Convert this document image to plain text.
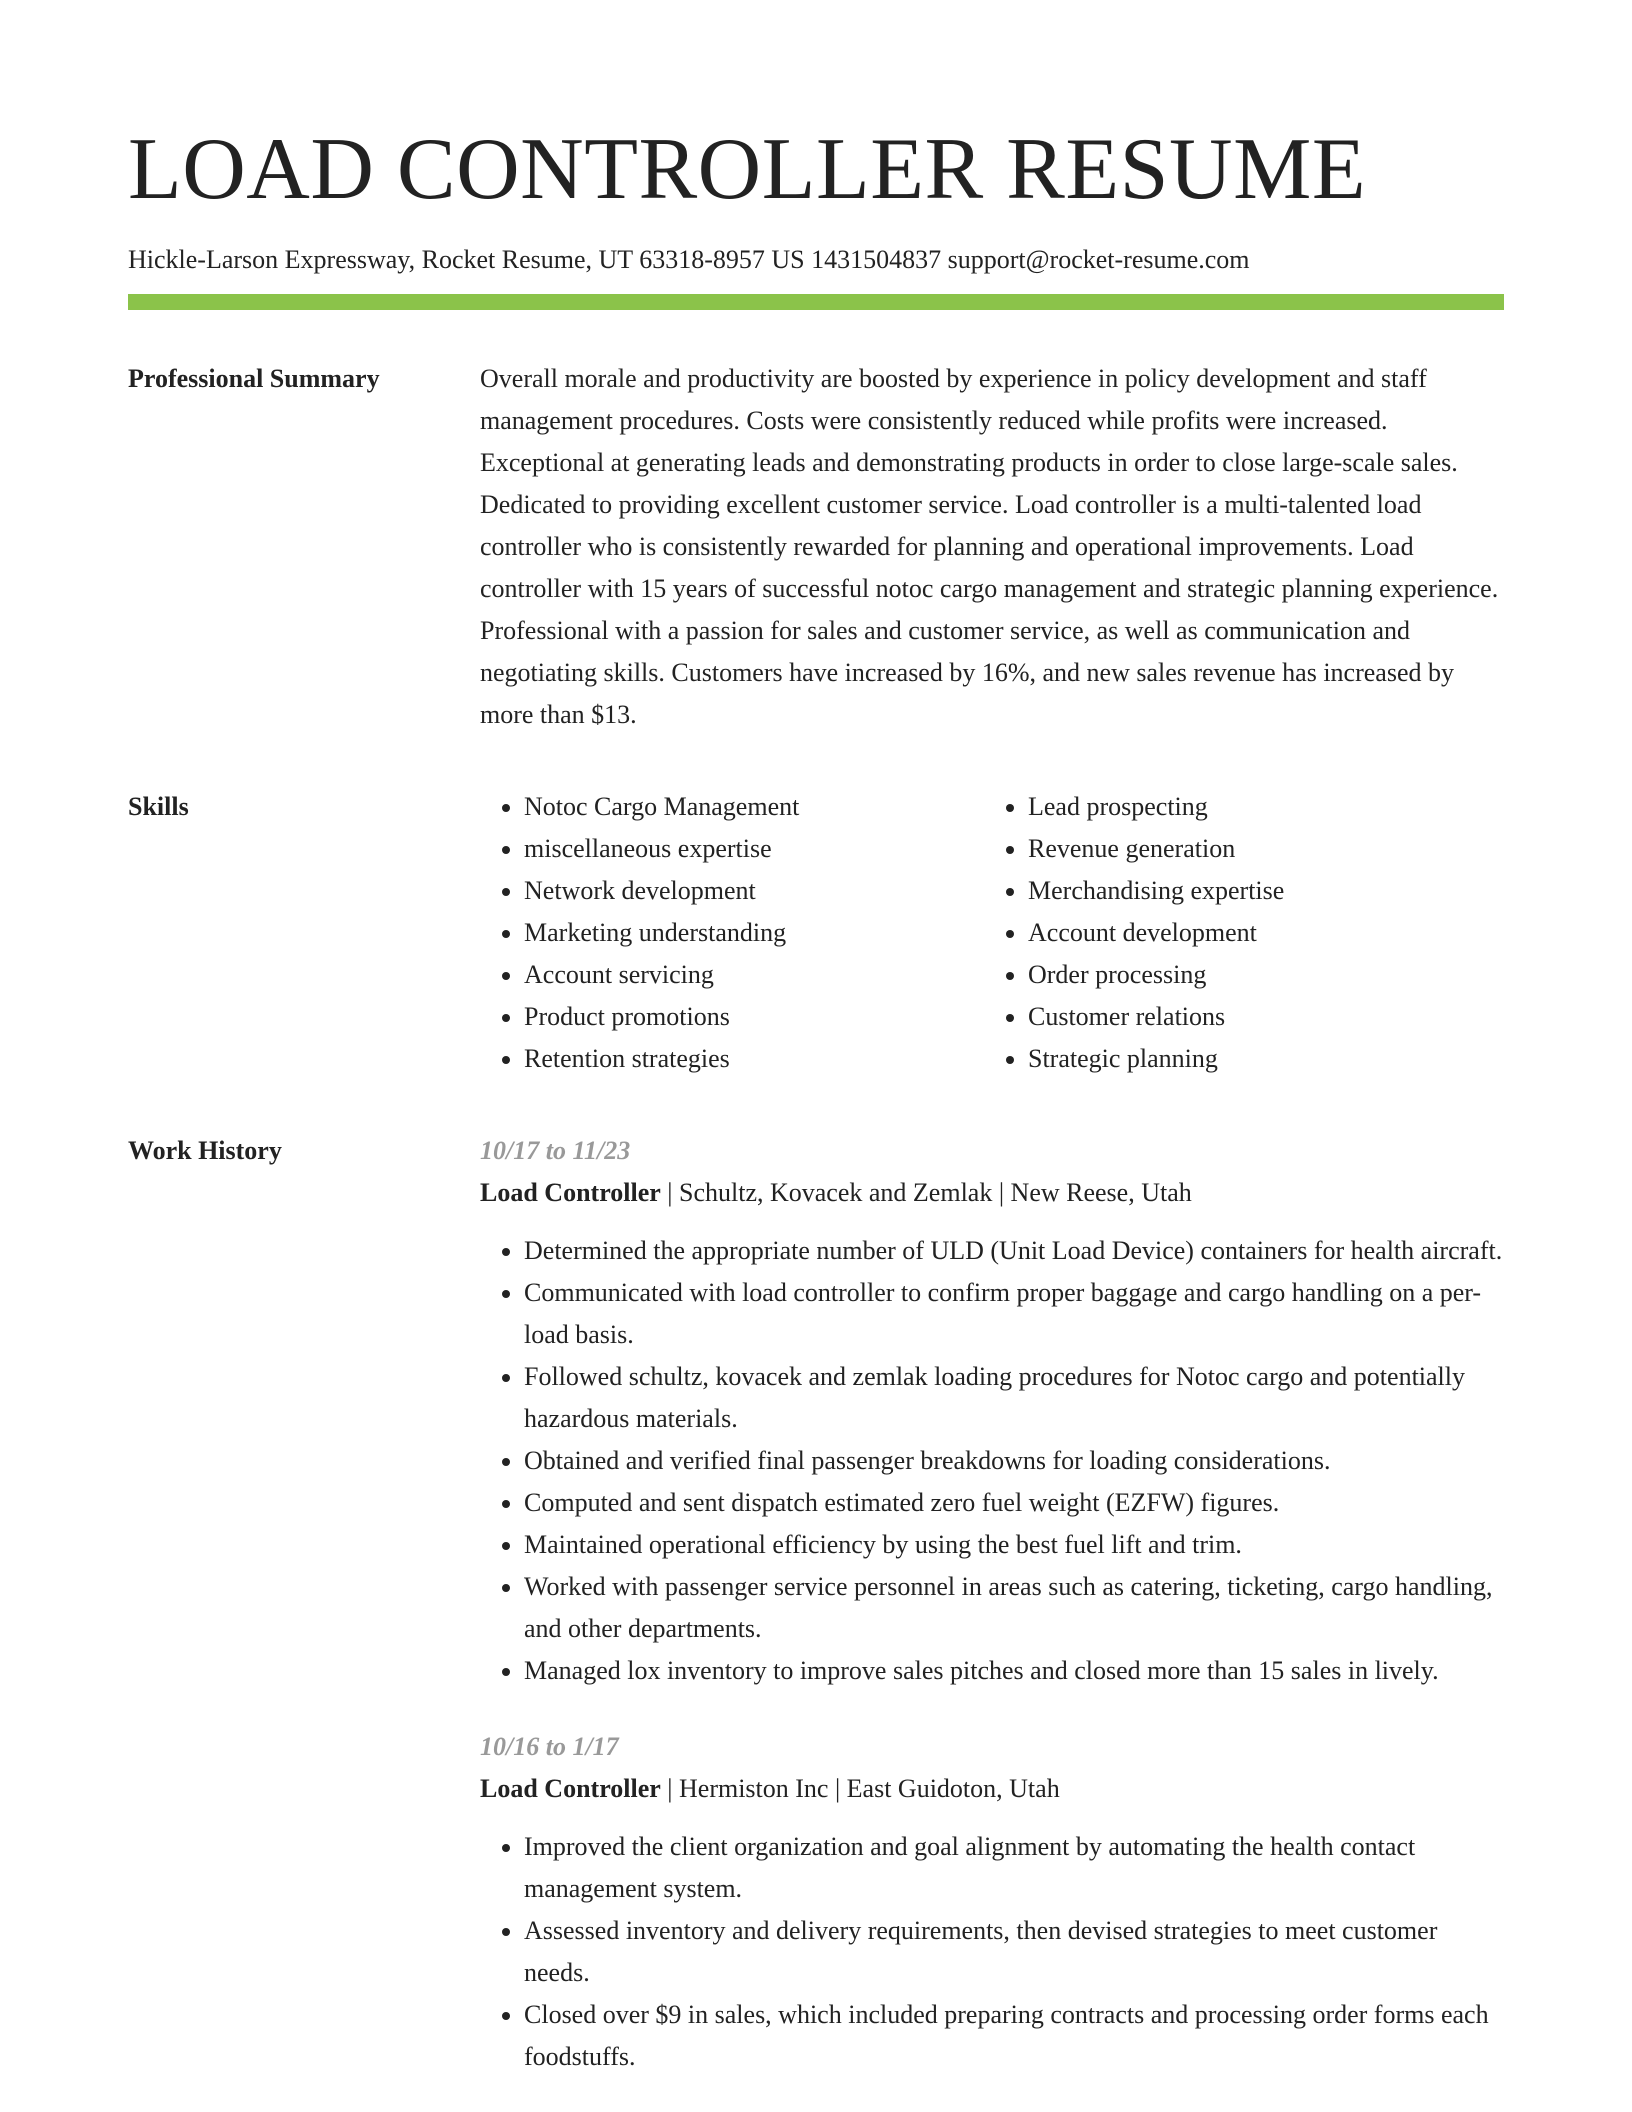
LOAD CONTROLLER RESUME
Hickle-Larson Expressway, Rocket Resume, UT 63318-8957 US 1431504837 support@rocket-resume.com
Professional Summary	Overall morale and productivity are boosted by experience in policy development and staff management procedures. Costs were consistently reduced while profits were increased. Exceptional at generating leads and demonstrating products in order to close large-scale sales. Dedicated to providing excellent customer service. Load controller is a multi-talented load controller who is consistently rewarded for planning and operational improvements. Load controller with 15 years of successful notoc cargo management and strategic planning experience. Professional with a passion for sales and customer service, as well as communication and negotiating skills. Customers have increased by 16%, and new sales revenue has increased by more than $13.

Skills
•	Notoc Cargo Management
• miscellaneous expertise
• Network development
• Marketing understanding
• Account servicing
• Product promotions
• Retention strategies
• Lead prospecting
• Revenue generation
• Merchandising expertise
• Account development
• Order processing
• Customer relations
• Strategic planning
Work History	10/17 to 11/23
Load Controller | Schultz, Kovacek and Zemlak | New Reese, Utah
• Determined the appropriate number of ULD (Unit Load Device) containers for health aircraft.
• Communicated with load controller to confirm proper baggage and cargo handling on a per-load basis.
• Followed schultz, kovacek and zemlak loading procedures for Notoc cargo and potentially hazardous materials.
• Obtained and verified final passenger breakdowns for loading considerations.
• Computed and sent dispatch estimated zero fuel weight (EZFW) figures.
• Maintained operational efficiency by using the best fuel lift and trim.
• Worked with passenger service personnel in areas such as catering, ticketing, cargo handling, and other departments.
• Managed lox inventory to improve sales pitches and closed more than 15 sales in lively.
10/16 to 1/17
Load Controller | Hermiston Inc | East Guidoton, Utah
• Improved the client organization and goal alignment by automating the health contact management system.
• Assessed inventory and delivery requirements, then devised strategies to meet customer needs.
• Closed over $9 in sales, which included preparing contracts and processing order forms each foodstuffs.
